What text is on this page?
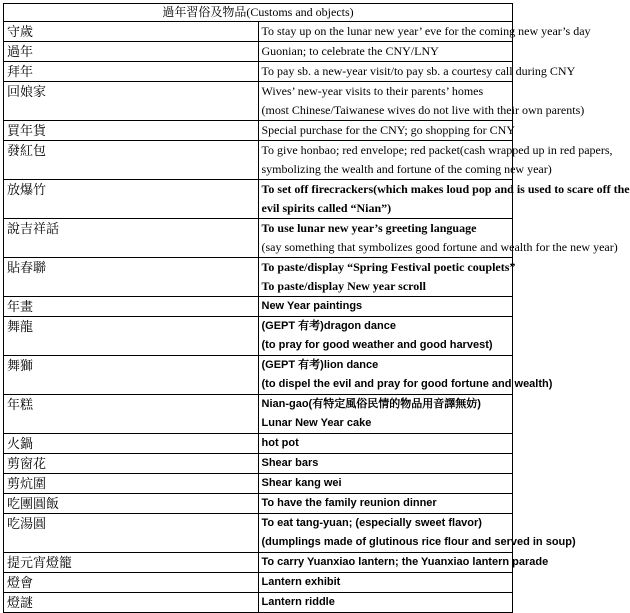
過年習俗及物品(Customs and objects)	
守歲	To stay up on the lunar new year’ eve for the coming new year’s day

過年	Guonian; to celebrate the CNY/LNY

拜年	To pay sb. a new-year visit/to pay sb. a courtesy call during CNY

回娘家	Wives’ new-year visits to their parents’ homes
(most Chinese/Taiwanese wives do not live with their own parents)

買年貨	Special purchase for the CNY; go shopping for CNY

發紅包	To give honbao; red envelope; red packet(cash wrapped up in red papers,
symbolizing the wealth and fortune of the coming new year)

放爆竹	To set off firecrackers(which makes loud pop and is used to scare off the
evil spirits called “Nian”)

說吉祥話	To use lunar new year’s greeting language
(say something that symbolizes good fortune and wealth for the new year)

貼春聯	To paste/display “Spring Festival poetic couplets”
To paste/display New year scroll

年畫	New Year paintings

舞龍	(GEPT 有考)dragon dance
(to pray for good weather and good harvest)

舞獅	(GEPT 有考)lion dance
(to dispel the evil and pray for good fortune and wealth)

年糕	Nian-gao(有特定風俗民情的物品用音譯無妨)
Lunar New Year cake

火鍋	hot pot

剪窗花	Shear bars

剪炕圍	Shear kang wei

吃團圓飯	To have the family reunion dinner

吃湯圓	To eat tang-yuan; (especially sweet flavor)
(dumplings made of glutinous rice flour and served in soup)

提元宵燈籠	To carry Yuanxiao lantern; the Yuanxiao lantern parade

燈會	Lantern exhibit

燈謎	Lantern riddle
